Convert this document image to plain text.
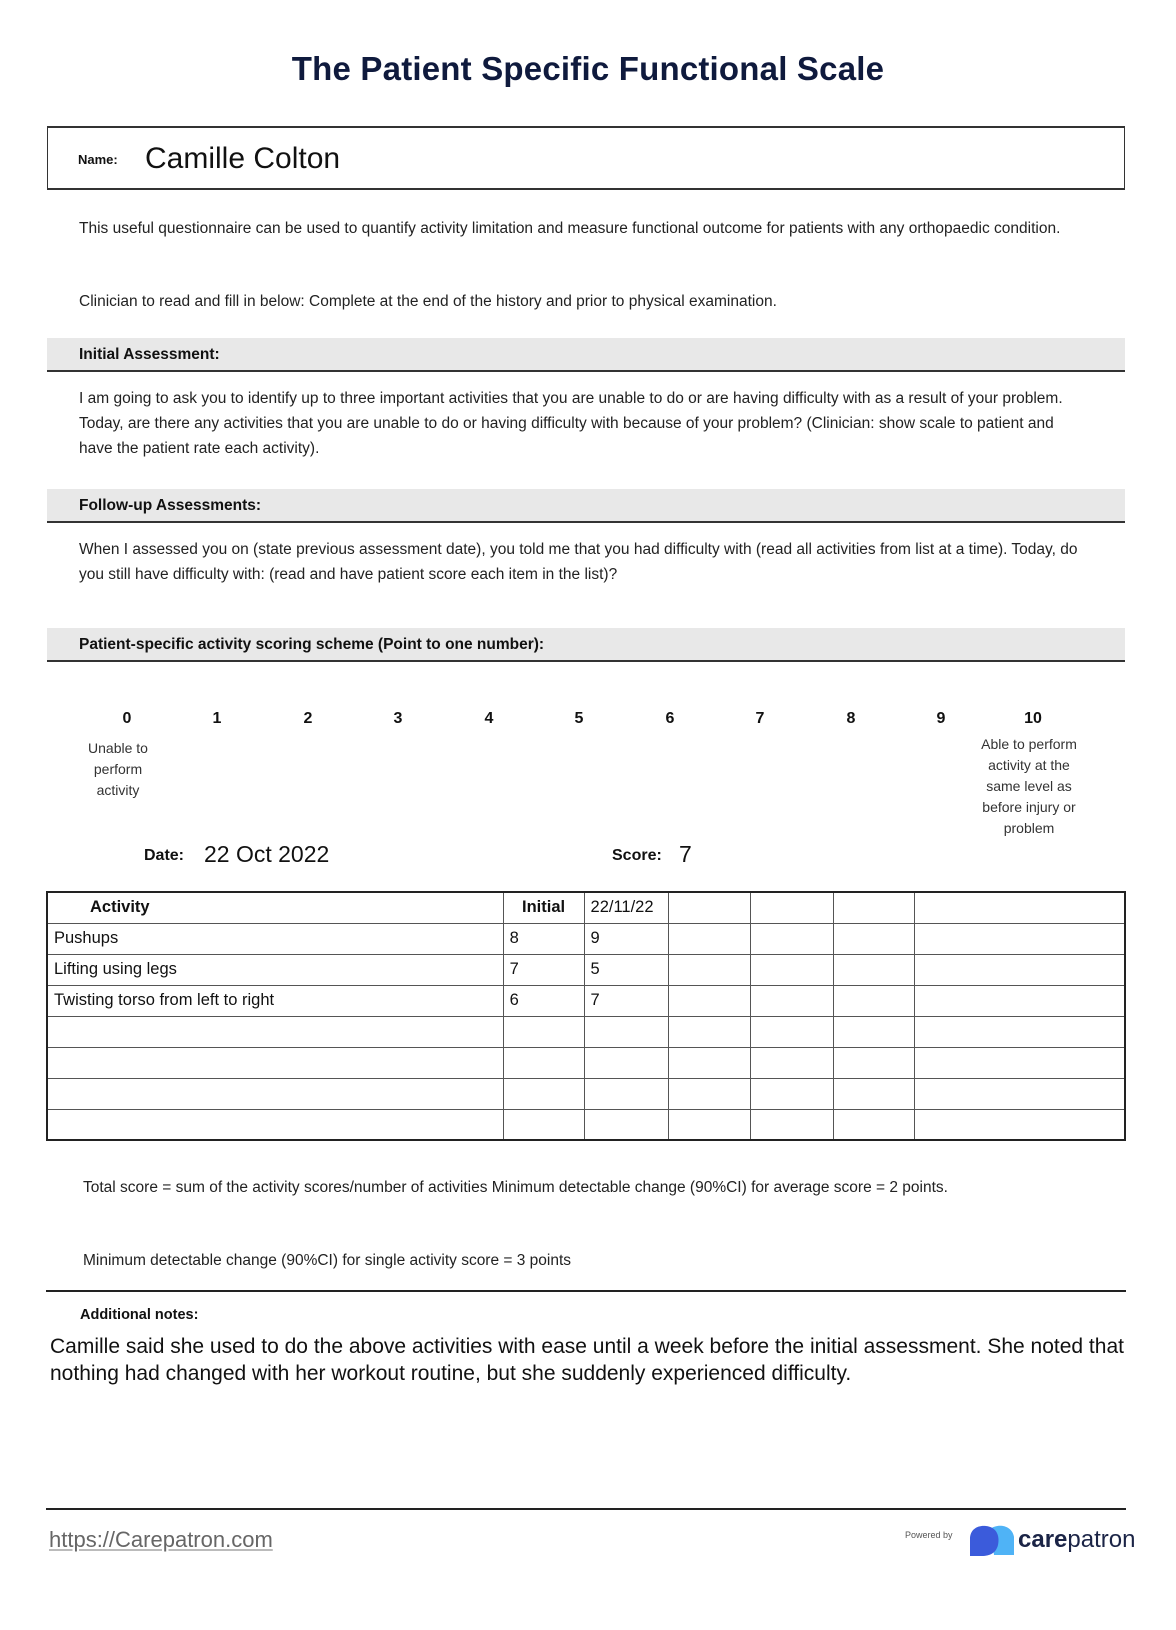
The Patient Specific Functional Scale
Name: Camille Colton
This useful questionnaire can be used to quantify activity limitation and measure functional outcome for patients with any orthopaedic condition.
Clinician to read and fill in below: Complete at the end of the history and prior to physical examination.
Initial Assessment:
I am going to ask you to identify up to three important activities that you are unable to do or are having difficulty with as a result of your problem. Today, are there any activities that you are unable to do or having difficulty with because of your problem? (Clinician: show scale to patient and have the patient rate each activity).
Follow-up Assessments:
When I assessed you on (state previous assessment date), you told me that you had difficulty with (read all activities from list at a time). Today, do you still have difficulty with: (read and have patient score each item in the list)?
Patient-specific activity scoring scheme (Point to one number):
0	1	2	3	4	5	6	7	8	9	10
Unable to perform activity
Able to perform activity at the same level as before injury or problem
Date: 22 Oct 2022	Score: 7
Activity	Initial	22/11/22				
Pushups	8	9				
Lifting using legs	7	5				
Twisting torso from left to right	6	7				

Total score = sum of the activity scores/number of activities Minimum detectable change (90%CI) for average score = 2 points.
Minimum detectable change (90%CI) for single activity score = 3 points
Additional notes:
Camille said she used to do the above activities with ease until a week before the initial assessment. She noted that nothing had changed with her workout routine, but she suddenly experienced difficulty.
https://Carepatron.com	Powered by	carepatron
